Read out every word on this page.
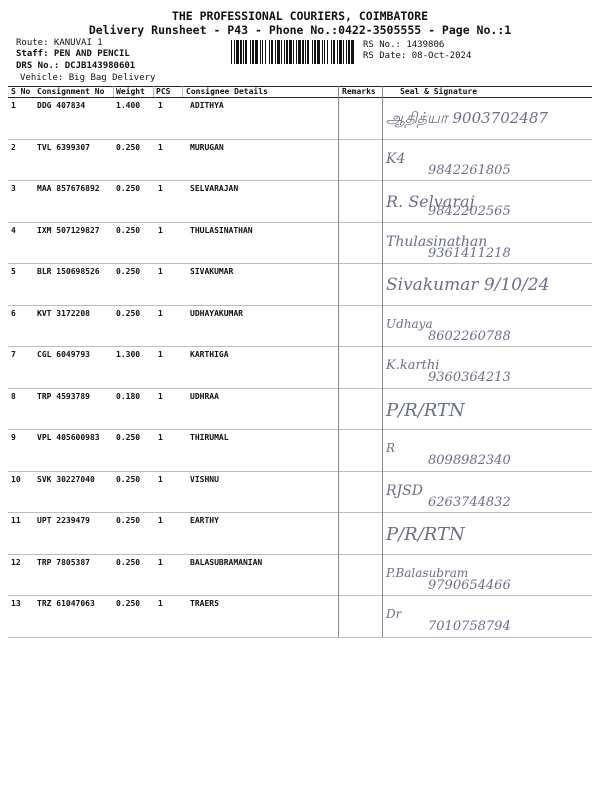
THE PROFESSIONAL COURIERS, COIMBATORE
Delivery Runsheet - P43 - Phone No.:0422-3505555 - Page No.:1
Route: KANUVAI 1
Staff: PEN AND PENCIL
DRS No.: DCJB143980601
Vehicle: Big Bag Delivery
RS No.: 1439806
RS Date: 08-Oct-2024
S No Consignment No Weight PCS Consignee Details	Remarks	Seal & Signature
1	DDG 407834	1.400 1	ADITHYA
ஆதித்யா 9003702487
2	TVL 6399307	0.250 1	MURUGAN
K4
9842261805
3	MAA 857676892 0.250 1	SELVARAJAN
R. Selvaraj
9842202565
4	IXM 507129827 0.250 1	THULASINATHAN
Thulasinathan
9361411218
5	BLR 150698526 0.250 1	SIVAKUMAR
Sivakumar 9/10/24
6	KVT 3172208	0.250 1	UDHAYAKUMAR
Udhaya
8602260788
7	CGL 6049793	1.300 1	KARTHIGA
K.karthi
9360364213
8	TRP 4593789	0.180 1	UDHRAA
P/R/RTN
9	VPL 405600983 0.250 1	THIRUMAL
R
8098982340
10 SVK 30227040	0.250 1	VISHNU
RJSD
6263744832
11 UPT 2239479	0.250 1	EARTHY
P/R/RTN
12 TRP 7805387	0.250 1	BALASUBRAMANIAN
P.Balasubram
9790654466
13 TRZ 61047063	0.250 1	TRAERS
Dr
7010758794
